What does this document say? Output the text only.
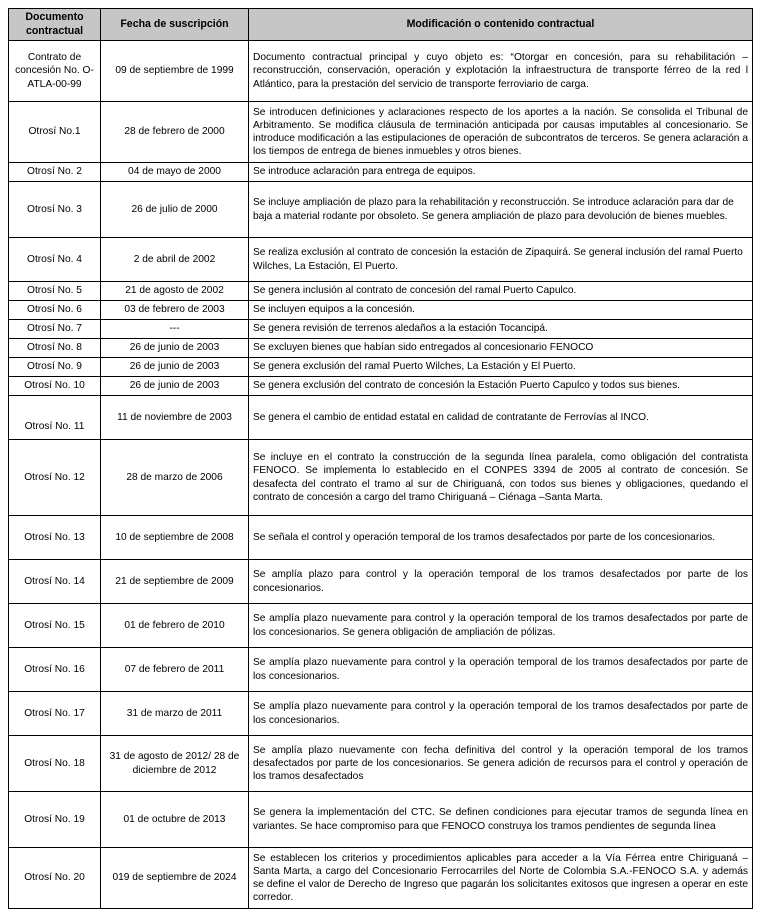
Documento contractual	Fecha de suscripción	Modificación o contenido contractual
Contrato de concesión No. O-ATLA-00-99	09 de septiembre de 1999	Documento contractual principal y cuyo objeto es: “Otorgar en concesión, para su rehabilitación – reconstrucción, conservación, operación y explotación la infraestructura de transporte férreo de la red l Atlántico, para la prestación del servicio de transporte ferroviario de carga.
Otrosí No.1	28 de febrero de 2000	Se introducen definiciones y aclaraciones respecto de los aportes a la nación. Se consolida el Tribunal de Arbitramento. Se modifica cláusula de terminación anticipada por causas imputables al concesionario. Se introduce modificación a las estipulaciones de operación de subcontratos de terceros. Se genera aclaración a los tiempos de entrega de bienes inmuebles y otros bienes.
Otrosí No. 2	04 de mayo de 2000	Se introduce aclaración para entrega de equipos.
Otrosí No. 3	26 de julio de 2000	Se incluye ampliación de plazo para la rehabilitación y reconstrucción. Se introduce aclaración para dar de baja a material rodante por obsoleto. Se genera ampliación de plazo para devolución de bienes muebles.
Otrosí No. 4	2 de abril de 2002	Se realiza exclusión al contrato de concesión la estación de Zipaquirá. Se general inclusión del ramal Puerto Wilches, La Estación, El Puerto.
Otrosí No. 5	21 de agosto de 2002	Se genera inclusión al contrato de concesión del ramal Puerto Capulco.
Otrosí No. 6	03 de febrero de 2003	Se incluyen equipos a la concesión.
Otrosí No. 7	---	Se genera revisión de terrenos aledaños a la estación Tocancipá.
Otrosí No. 8	26 de junio de 2003	Se excluyen bienes que habían sido entregados al concesionario FENOCO
Otrosí No. 9	26 de junio de 2003	Se genera exclusión del ramal Puerto Wilches, La Estación y El Puerto.
Otrosí No. 10	26 de junio de 2003	Se genera exclusión del contrato de concesión la Estación Puerto Capulco y todos sus bienes.
Otrosí No. 11	11 de noviembre de 2003	Se genera el cambio de entidad estatal en calidad de contratante de Ferrovías al INCO.
Otrosí No. 12	28 de marzo de 2006	Se incluye en el contrato la construcción de la segunda línea paralela, como obligación del contratista FENOCO. Se implementa lo establecido en el CONPES 3394 de 2005 al contrato de concesión. Se desafecta del contrato el tramo al sur de Chiriguaná, con todos sus bienes y obligaciones, quedando el contrato de concesión a cargo del tramo Chiriguaná – Ciénaga –Santa Marta.
Otrosí No. 13	10 de septiembre de 2008	Se señala el control y operación temporal de los tramos desafectados por parte de los concesionarios.
Otrosí No. 14	21 de septiembre de 2009	Se amplía plazo para control y la operación temporal de los tramos desafectados por parte de los concesionarios.
Otrosí No. 15	01 de febrero de 2010	Se amplía plazo nuevamente para control y la operación temporal de los tramos desafectados por parte de los concesionarios. Se genera obligación de ampliación de pólizas.
Otrosí No. 16	07 de febrero de 2011	Se amplía plazo nuevamente para control y la operación temporal de los tramos desafectados por parte de los concesionarios.
Otrosí No. 17	31 de marzo de 2011	Se amplía plazo nuevamente para control y la operación temporal de los tramos desafectados por parte de los concesionarios.
Otrosí No. 18	31 de agosto de 2012/ 28 de diciembre de 2012	Se amplía plazo nuevamente con fecha definitiva del control y la operación temporal de los tramos desafectados por parte de los concesionarios. Se genera adición de recursos para el control y operación de los tramos desafectados
Otrosí No. 19	01 de octubre de 2013	Se genera la implementación del CTC. Se definen condiciones para ejecutar tramos de segunda línea en variantes. Se hace compromiso para que FENOCO construya los tramos pendientes de segunda línea
Otrosí No. 20	019 de septiembre de 2024	Se establecen los criterios y procedimientos aplicables para acceder a la Vía Férrea entre Chiriguaná – Santa Marta, a cargo del Concesionario Ferrocarriles del Norte de Colombia S.A.-FENOCO S.A. y además se define el valor de Derecho de Ingreso que pagarán los solicitantes exitosos que ingresen a operar en este corredor.
